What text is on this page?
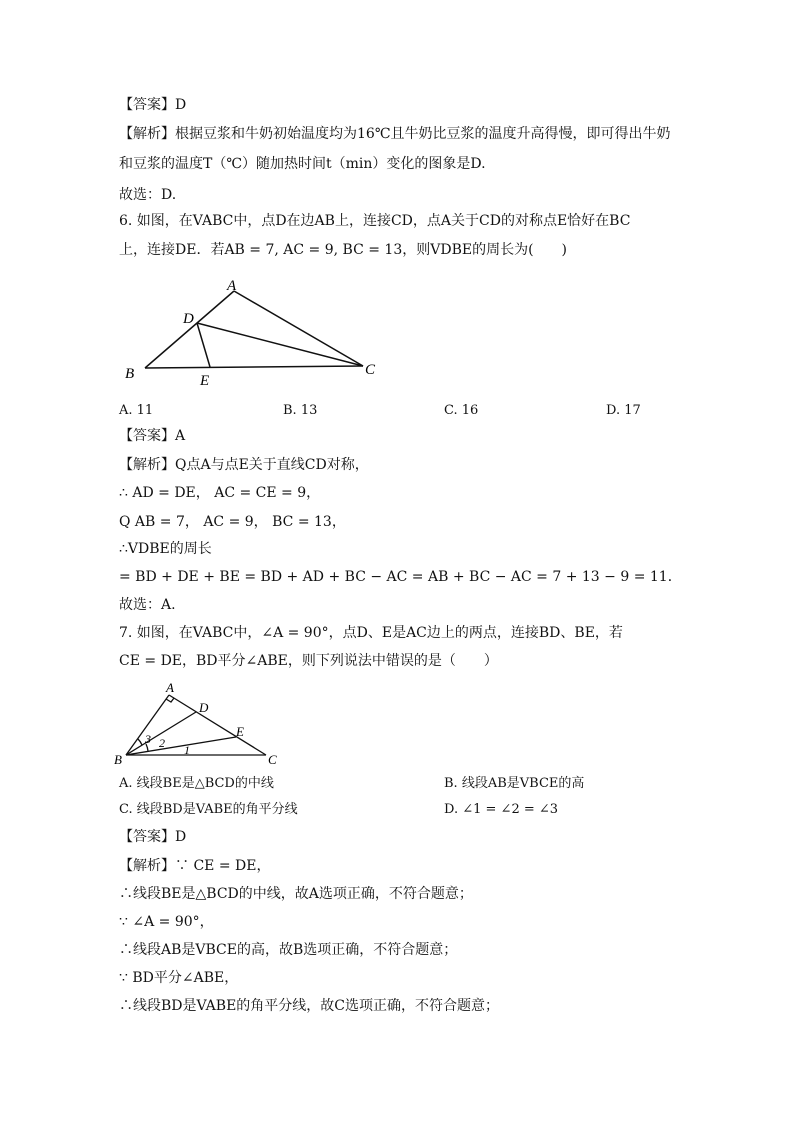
【答案】D
【解析】根据豆浆和牛奶初始温度均为16℃且牛奶比豆浆的温度升高得慢，即可得出牛奶
和豆浆的温度T（℃）随加热时间t（min）变化的图象是D.
故选：D.
6. 如图，在VABC中，点D在边AB上，连接CD，点A关于CD的对称点E恰好在BC
上，连接DE．若AB = 7, AC = 9, BC = 13，则VDBE的周长为(　　)
A
D
B	E
C
A. 11	B. 13	C. 16	D. 17
【答案】A
【解析】Q点A与点E关于直线CD对称，
∴ AD = DE， AC = CE = 9，
Q AB = 7， AC = 9， BC = 13，
∴VDBE的周长
= BD + DE + BE = BD + AD + BC − AC = AB + BC − AC = 7 + 13 − 9 = 11．
故选：A.
7. 如图，在VABC中，∠A = 90°，点D、E是AC边上的两点，连接BD、BE，若
CE = DE，BD平分∠ABE，则下列说法中错误的是（　　）
A
D
E
B	C
3 2 1
A. 线段BE是△BCD的中线	B. 线段AB是VBCE的高
C. 线段BD是VABE的角平分线	D. ∠1 = ∠2 = ∠3
【答案】D
【解析】∵ CE = DE，
∴线段BE是△BCD的中线，故A选项正确，不符合题意；
∵ ∠A = 90°，
∴线段AB是VBCE的高，故B选项正确，不符合题意；
∵ BD平分∠ABE，
∴线段BD是VABE的角平分线，故C选项正确，不符合题意；
